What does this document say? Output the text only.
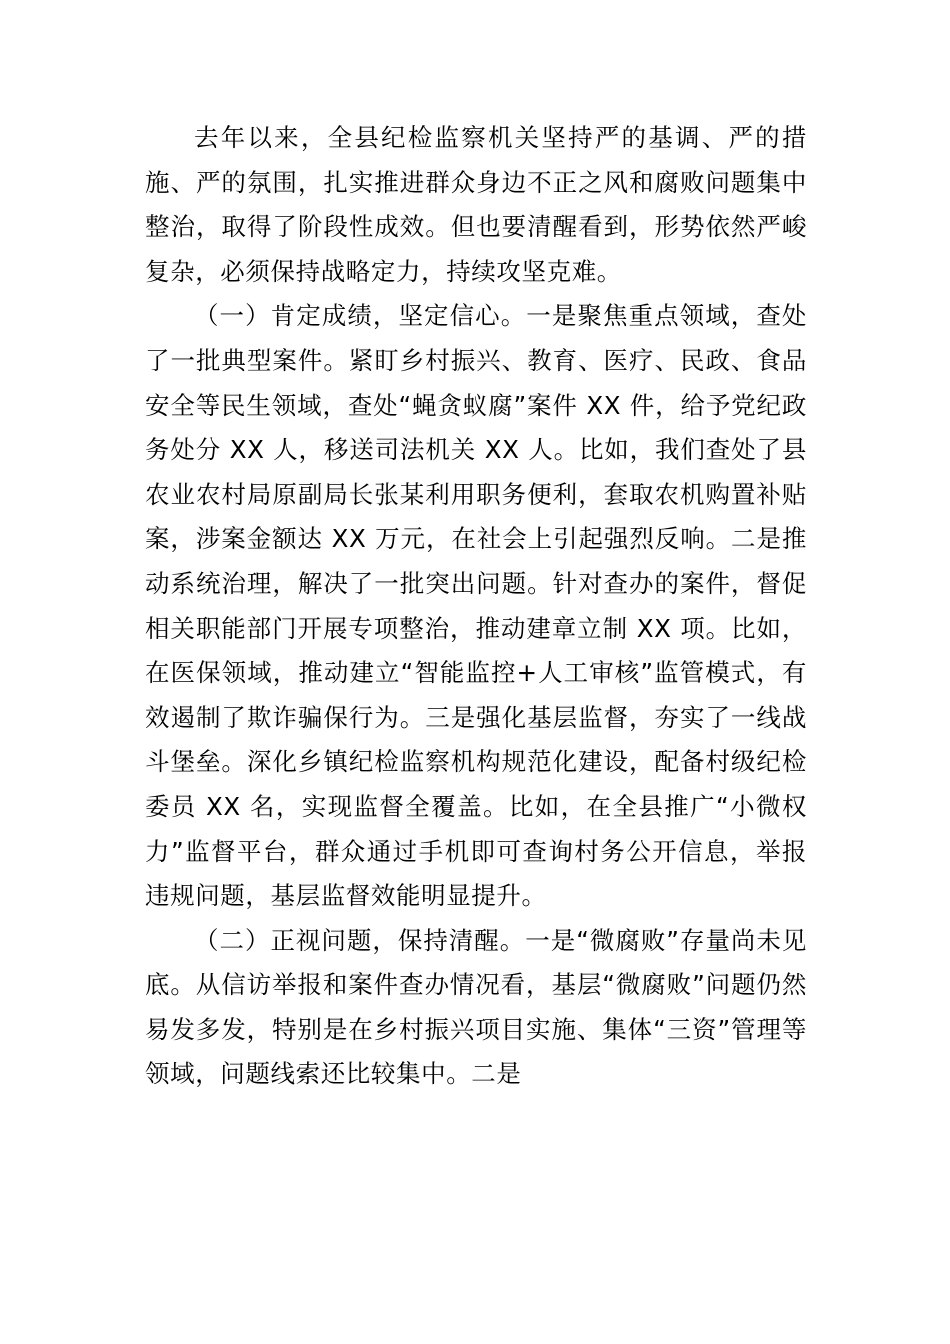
去年以来，全县纪检监察机关坚持严的基调、严的措施、严的氛围，扎实推进群众身边不正之风和腐败问题集中整治，取得了阶段性成效。但也要清醒看到，形势依然严峻复杂，必须保持战略定力，持续攻坚克难。

（一）肯定成绩，坚定信心。一是聚焦重点领域，查处了一批典型案件。紧盯乡村振兴、教育、医疗、民政、食品安全等民生领域，查处“蝇贪蚁腐”案件 XX 件，给予党纪政务处分 XX 人，移送司法机关 XX 人。比如，我们查处了县农业农村局原副局长张某利用职务便利，套取农机购置补贴案，涉案金额达 XX 万元，在社会上引起强烈反响。二是推动系统治理，解决了一批突出问题。针对查办的案件，督促相关职能部门开展专项整治，推动建章立制 XX 项。比如，在医保领域，推动建立“智能监控+人工审核”监管模式，有效遏制了欺诈骗保行为。三是强化基层监督，夯实了一线战斗堡垒。深化乡镇纪检监察机构规范化建设，配备村级纪检委员 XX 名，实现监督全覆盖。比如，在全县推广“小微权力”监督平台，群众通过手机即可查询村务公开信息，举报违规问题，基层监督效能明显提升。

（二）正视问题，保持清醒。一是“微腐败”存量尚未见底。从信访举报和案件查办情况看，基层“微腐败”问题仍然易发多发，特别是在乡村振兴项目实施、集体“三资”管理等领域，问题线索还比较集中。二是
